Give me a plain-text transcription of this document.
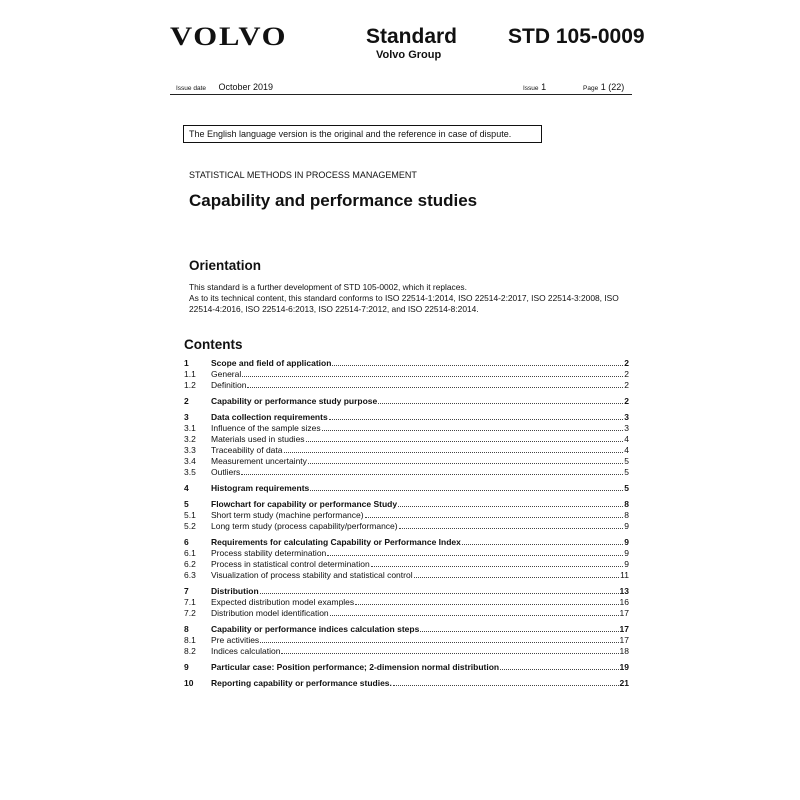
VOLVO	Standard
Volvo Group
STD 105-0009
Issue date October 2019	Issue 1	Page 1 (22)
The English language version is the original and the reference in case of dispute.
STATISTICAL METHODS IN PROCESS MANAGEMENT
Capability and performance studies
Orientation
This standard is a further development of STD 105-0002, which it replaces.
As to its technical content, this standard conforms to ISO 22514-1:2014, ISO 22514-2:2017, ISO 22514-3:2008, ISO 22514-4:2016, ISO 22514-6:2013, ISO 22514-7:2012, and ISO 22514-8:2014.
Contents
1	Scope and field of application	2
1.1	General	2
1.2	Definition	2
2	Capability or performance study purpose	2
3	Data collection requirements	3
3.1	Influence of the sample sizes	3
3.2	Materials used in studies	4
3.3	Traceability of data	4
3.4	Measurement uncertainty	5
3.5	Outliers	5
4	Histogram requirements	5
5	Flowchart for capability or performance Study	8
5.1	Short term study (machine performance)	8
5.2	Long term study (process capability/performance)	9
6	Requirements for calculating Capability or Performance Index	9
6.1	Process stability determination	9
6.2	Process in statistical control determination	9
6.3	Visualization of process stability and statistical control	11
7	Distribution	13
7.1	Expected distribution model examples	16
7.2	Distribution model identification	17
8	Capability or performance indices calculation steps	17
8.1	Pre activities	17
8.2	Indices calculation	18
9	Particular case: Position performance; 2-dimension normal distribution	19
10	Reporting capability or performance studies.	21
